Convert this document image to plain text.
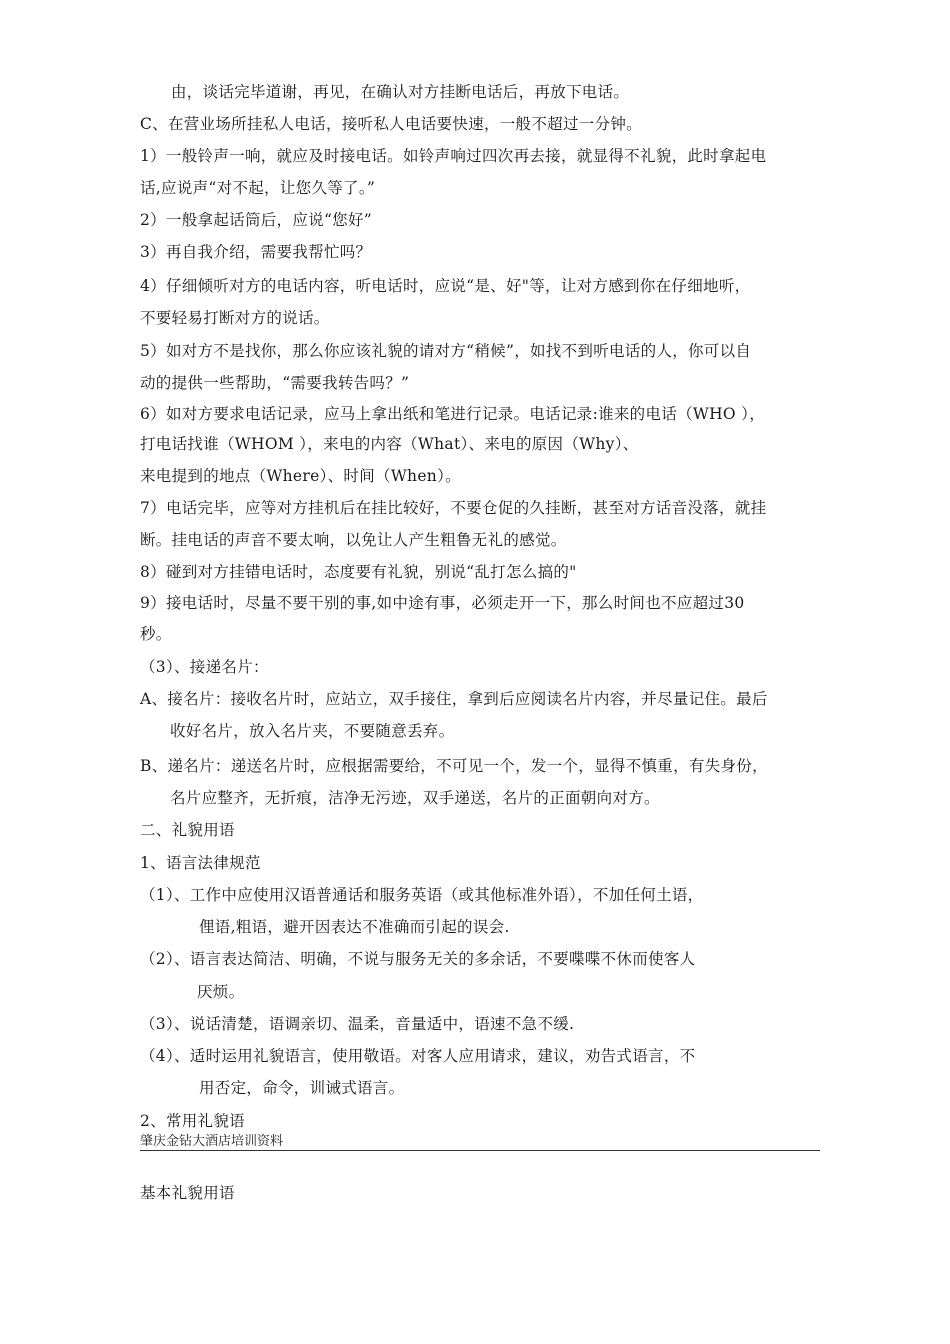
由，谈话完毕道谢，再见，在确认对方挂断电话后，再放下电话。
C、在营业场所挂私人电话，接听私人电话要快速，一般不超过一分钟。
1）一般铃声一响，就应及时接电话。如铃声响过四次再去接，就显得不礼貌，此时拿起电
话,应说声“对不起，让您久等了。”
2）一般拿起话筒后，应说“您好”
3）再自我介绍，需要我帮忙吗？
4）仔细倾听对方的电话内容，听电话时，应说“是、好"等，让对方感到你在仔细地听，
不要轻易打断对方的说话。
5）如对方不是找你，那么你应该礼貌的请对方“稍候”，如找不到听电话的人，你可以自
动的提供一些帮助，“需要我转告吗？”
6）如对方要求电话记录，应马上拿出纸和笔进行记录。电话记录:谁来的电话（WHO ），
打电话找谁（WHOM ），来电的内容（What）、来电的原因（Why）、
来电提到的地点（Where）、时间（When）。
7）电话完毕，应等对方挂机后在挂比较好，不要仓促的久挂断，甚至对方话音没落，就挂
断。挂电话的声音不要太响，以免让人产生粗鲁无礼的感觉。
8）碰到对方挂错电话时，态度要有礼貌，别说“乱打怎么搞的"
9）接电话时，尽量不要干别的事,如中途有事，必须走开一下，那么时间也不应超过30
秒。
（3）、接递名片：
A、接名片：接收名片时，应站立，双手接住，拿到后应阅读名片内容，并尽量记住。最后
收好名片，放入名片夹，不要随意丢弃。
B、递名片：递送名片时，应根据需要给，不可见一个，发一个，显得不慎重，有失身份，
名片应整齐，无折痕，洁净无污迹，双手递送，名片的正面朝向对方。
二、礼貌用语
1、语言法律规范
（1）、工作中应使用汉语普通话和服务英语（或其他标准外语），不加任何土语，
俚语,粗语，避开因表达不准确而引起的误会.
（2）、语言表达简洁、明确，不说与服务无关的多余话，不要喋喋不休而使客人
厌烦。
（3）、说话清楚，语调亲切、温柔，音量适中，语速不急不缓.
（4）、适时运用礼貌语言，使用敬语。对客人应用请求，建议，劝告式语言，不
用否定，命令，训诫式语言。
2、常用礼貌语
肇庆金钻大酒店培训资料
基本礼貌用语
